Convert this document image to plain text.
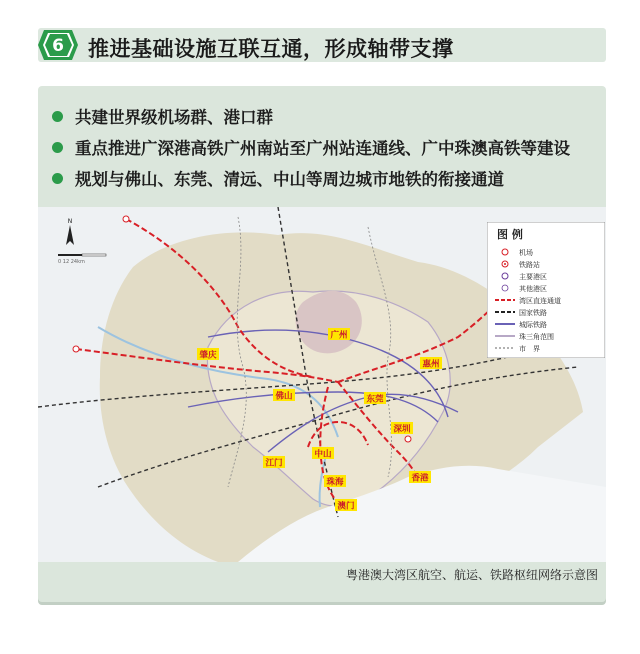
6 推进基础设施互联互通，形成轴带支撑
共建世界级机场群、港口群
重点推进广深港高铁广州南站至广州站连通线、广中珠澳高铁等建设
规划与佛山、东莞、清远、中山等周边城市地铁的衔接通道
N
0 12 24km
广州
肇庆
佛山	东莞
惠州
深圳
江门
中山
珠海
澳门
香港
图 例
机场
铁路站
主要港区
其他港区
湾区直连通道
国家铁路
城际铁路
珠三角范围
市　界
粤港澳大湾区航空、航运、铁路枢纽网络示意图
